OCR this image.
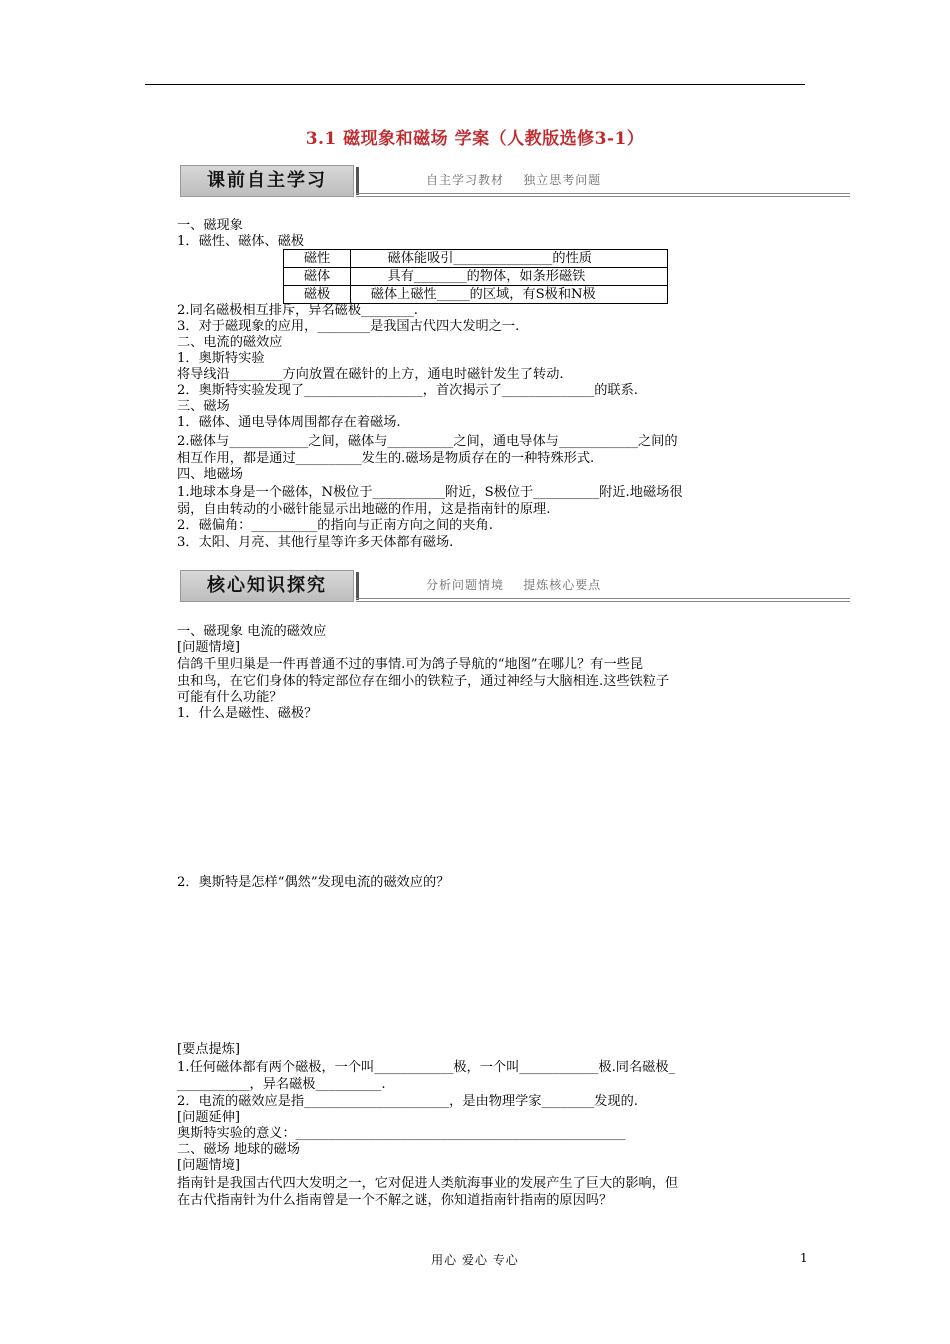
3.1 磁现象和磁场 学案（人教版选修3-1）
课前自主学习	自主学习教材    独立思考问题
一、磁现象
1．磁性、磁体、磁极
磁性	磁体能吸引_______________的性质
磁体	具有________的物体，如条形磁铁
磁极	磁体上磁性_____的区域，有S极和N极
2.同名磁极相互排斥，异名磁极________.
3．对于磁现象的应用，________是我国古代四大发明之一.
二、电流的磁效应
1．奥斯特实验
将导线沿________方向放置在磁针的上方，通电时磁针发生了转动.
2．奥斯特实验发现了__________________，首次揭示了______________的联系.
三、磁场
1．磁体、通电导体周围都存在着磁场.
2.磁体与____________之间，磁体与__________之间，通电导体与____________之间的
相互作用，都是通过__________发生的.磁场是物质存在的一种特殊形式.
四、地磁场
1.地球本身是一个磁体，N极位于___________附近，S极位于__________附近.地磁场很
弱，自由转动的小磁针能显示出地磁的作用，这是指南针的原理.
2．磁偏角：__________的指向与正南方向之间的夹角.
3．太阳、月亮、其他行星等许多天体都有磁场.
核心知识探究	分析问题情境    提炼核心要点
一、磁现象 电流的磁效应
[问题情境]
信鸽千里归巢是一件再普通不过的事情.可为鸽子导航的“地图”在哪儿？有一些昆
虫和鸟，在它们身体的特定部位存在细小的铁粒子，通过神经与大脑相连.这些铁粒子
可能有什么功能？
1．什么是磁性、磁极？
2．奥斯特是怎样“偶然”发现电流的磁效应的？
[要点提炼]
1.任何磁体都有两个磁极，一个叫____________极，一个叫____________极.同名磁极_
___________，异名磁极__________.
2．电流的磁效应是指______________________，是由物理学家________发现的.
[问题延伸]
奥斯特实验的意义：__________________________________________________
二、磁场 地球的磁场
[问题情境]
指南针是我国古代四大发明之一，它对促进人类航海事业的发展产生了巨大的影响，但
在古代指南针为什么指南曾是一个不解之谜，你知道指南针指南的原因吗？
用心 爱心 专心	1
